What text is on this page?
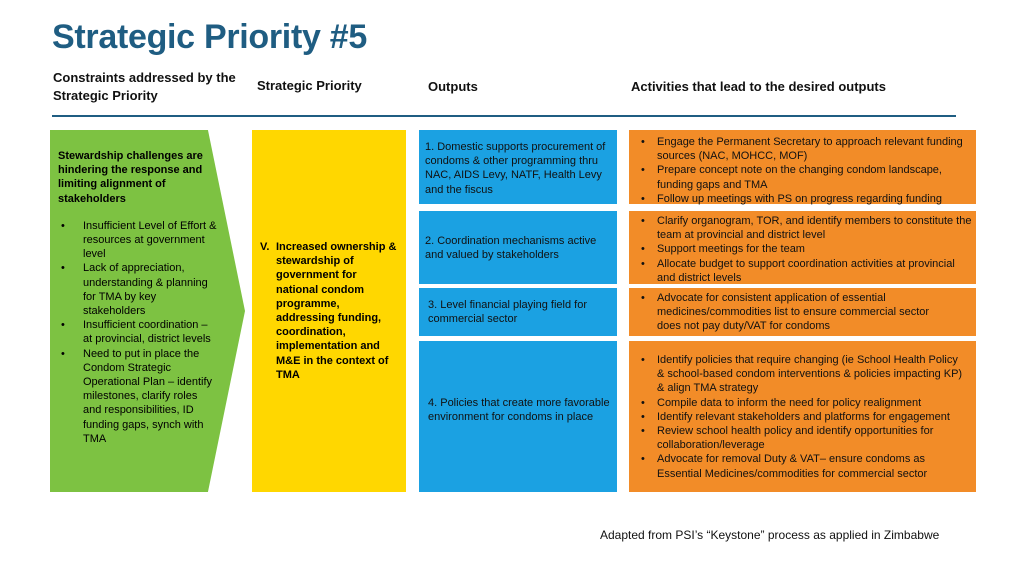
Strategic Priority #5
Constraints addressed by the Strategic Priority
Strategic Priority	Outputs	Activities that lead to the desired outputs
Stewardship challenges are hindering the response and limiting alignment of stakeholders
• Insufficient Level of Effort & resources at government level
• Lack of appreciation, understanding & planning for TMA by key stakeholders
• Insufficient coordination – at provincial, district levels
• Need to put in place the Condom Strategic Operational Plan – identify milestones, clarify roles and responsibilities, ID funding gaps, synch with TMA
V. Increased ownership & stewardship of government for national condom programme, addressing funding, coordination, implementation and M&E in the context of TMA
1. Domestic supports procurement of condoms & other programming thru NAC, AIDS Levy, NATF, Health Levy and the fiscus
2. Coordination mechanisms active and valued by stakeholders
3. Level financial playing field for commercial sector
4. Policies that create more favorable environment for condoms in place
• Engage the Permanent Secretary to approach relevant funding sources (NAC, MOHCC, MOF)
• Prepare concept note on the changing condom landscape, funding gaps and TMA
• Follow up meetings with PS on progress regarding funding
• Clarify organogram, TOR, and identify members to constitute the team at provincial and district level
• Support meetings for the team
• Allocate budget to support coordination activities at provincial and district levels
• Advocate for consistent application of essential medicines/commodities list to ensure commercial sector does not pay duty/VAT for condoms
• Identify policies that require changing (ie School Health Policy & school-based condom interventions & policies impacting KP) & align TMA strategy
• Compile data to inform the need for policy realignment
• Identify relevant stakeholders and platforms for engagement
• Review school health policy and identify opportunities for collaboration/leverage
• Advocate for removal Duty & VAT– ensure condoms as Essential Medicines/commodities for commercial sector
Adapted from PSI’s “Keystone” process as applied in Zimbabwe
